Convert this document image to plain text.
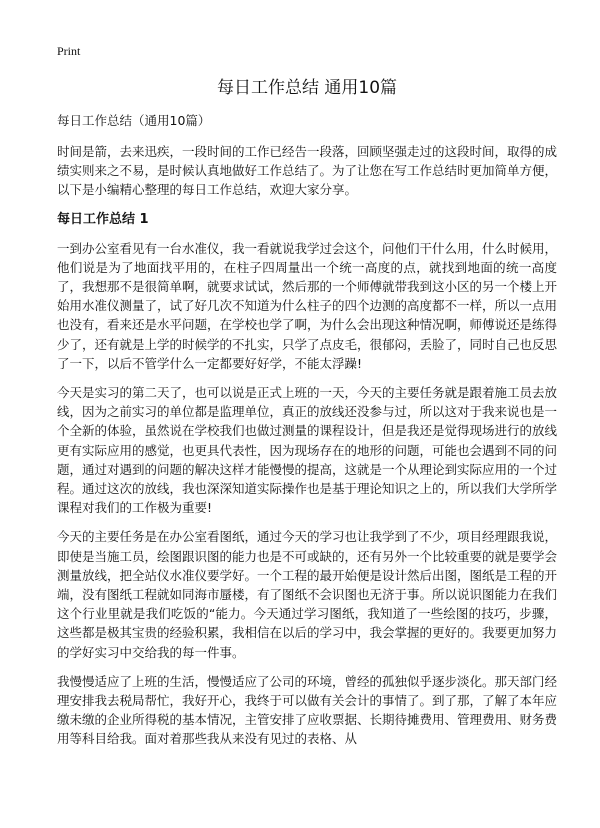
Print
每日工作总结 通用10篇
每日工作总结（通用10篇）

时间是箭，去来迅疾，一段时间的工作已经告一段落，回顾坚强走过的这段时间，取得的成绩实则来之不易，是时候认真地做好工作总结了。为了让您在写工作总结时更加简单方便，以下是小编精心整理的每日工作总结，欢迎大家分享。

每日工作总结 1

一到办公室看见有一台水准仪，我一看就说我学过会这个，问他们干什么用，什么时候用，他们说是为了地面找平用的，在柱子四周量出一个统一高度的点，就找到地面的统一高度了，我想那不是很简单啊，就要求试试，然后那的一个师傅就带我到这小区的另一个楼上开始用水准仪测量了，试了好几次不知道为什么柱子的四个边测的高度都不一样，所以一点用也没有，看来还是水平问题，在学校也学了啊，为什么会出现这种情况啊，师傅说还是练得少了，还有就是上学的时候学的不扎实，只学了点皮毛，很郁闷，丢脸了，同时自己也反思了一下，以后不管学什么一定都要好好学，不能太浮躁!

今天是实习的第二天了，也可以说是正式上班的一天，今天的主要任务就是跟着施工员去放线，因为之前实习的单位都是监理单位，真正的放线还没参与过，所以这对于我来说也是一个全新的体验，虽然说在学校我们也做过测量的课程设计，但是我还是觉得现场进行的放线更有实际应用的感觉，也更具代表性，因为现场存在的地形的问题，可能也会遇到不同的问题，通过对遇到的问题的解决这样才能慢慢的提高，这就是一个从理论到实际应用的一个过程。通过这次的放线，我也深深知道实际操作也是基于理论知识之上的，所以我们大学所学课程对我们的工作极为重要!

今天的主要任务是在办公室看图纸，通过今天的学习也让我学到了不少，项目经理跟我说，即使是当施工员，绘图跟识图的能力也是不可或缺的，还有另外一个比较重要的就是要学会测量放线，把全站仪水准仪要学好。一个工程的最开始便是设计然后出图，图纸是工程的开端，没有图纸工程就如同海市蜃楼，有了图纸不会识图也无济于事。所以说识图能力在我们这个行业里就是我们吃饭的“能力。今天通过学习图纸，我知道了一些绘图的技巧，步骤，这些都是极其宝贵的经验积累，我相信在以后的学习中，我会掌握的更好的。我要更加努力的学好实习中交给我的每一件事。

我慢慢适应了上班的生活，慢慢适应了公司的环境，曾经的孤独似乎逐步淡化。那天部门经理安排我去税局帮忙，我好开心，我终于可以做有关会计的事情了。到了那，了解了本年应缴未缴的企业所得税的基本情况，主管安排了应收票据、长期待摊费用、管理费用、财务费用等科目给我。面对着那些我从来没有见过的表格、从
